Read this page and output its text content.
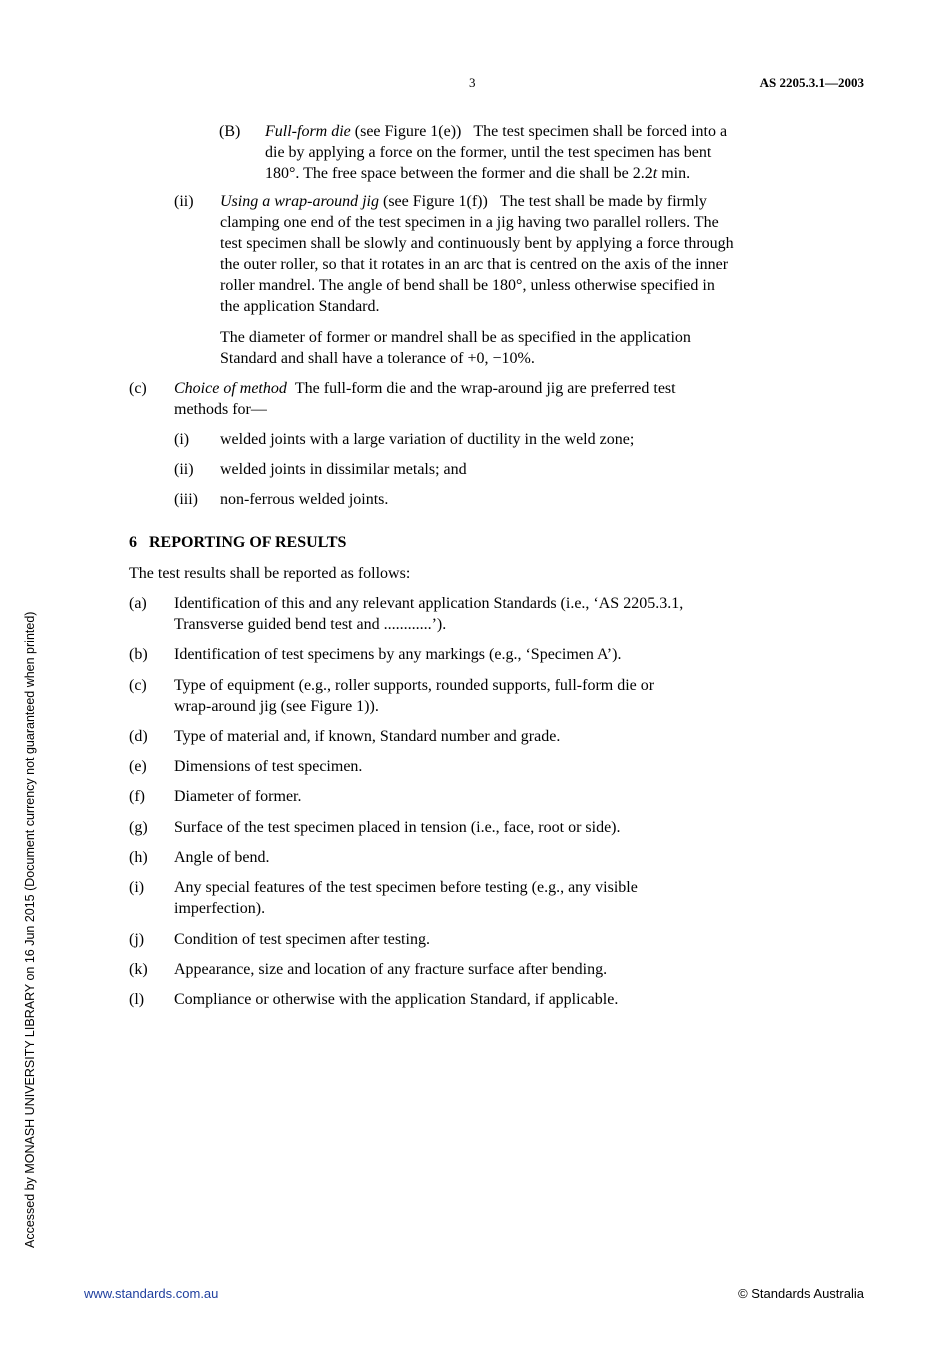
3	AS 2205.3.1—2003
(B) Full-form die (see Figure 1(e)) The test specimen shall be forced into a
die by applying a force on the former, until the test specimen has bent
180°. The free space between the former and die shall be 2.2t min.
(ii) Using a wrap-around jig (see Figure 1(f)) The test shall be made by firmly
clamping one end of the test specimen in a jig having two parallel rollers. The
test specimen shall be slowly and continuously bent by applying a force through
the outer roller, so that it rotates in an arc that is centred on the axis of the inner
roller mandrel. The angle of bend shall be 180°, unless otherwise specified in
the application Standard.
The diameter of former or mandrel shall be as specified in the application
Standard and shall have a tolerance of +0, −10%.
(c) Choice of method The full-form die and the wrap-around jig are preferred test
methods for—
(i) welded joints with a large variation of ductility in the weld zone;
(ii) welded joints in dissimilar metals; and
(iii) non-ferrous welded joints.
6 REPORTING OF RESULTS
The test results shall be reported as follows:
(a) Identification of this and any relevant application Standards (i.e., ‘AS 2205.3.1,
Transverse guided bend test and ............’).
(b) Identification of test specimens by any markings (e.g., ‘Specimen A’).
(c) Type of equipment (e.g., roller supports, rounded supports, full-form die or
wrap-around jig (see Figure 1)).
(d) Type of material and, if known, Standard number and grade.
(e) Dimensions of test specimen.
(f) Diameter of former.
(g) Surface of the test specimen placed in tension (i.e., face, root or side).
(h) Angle of bend.
(i) Any special features of the test specimen before testing (e.g., any visible
imperfection).
(j) Condition of test specimen after testing.
(k) Appearance, size and location of any fracture surface after bending.
(l) Compliance or otherwise with the application Standard, if applicable.
Accessed by MONASH UNIVERSITY LIBRARY on 16 Jun 2015 (Document currency not guaranteed when printed)
www.standards.com.au	© Standards Australia
